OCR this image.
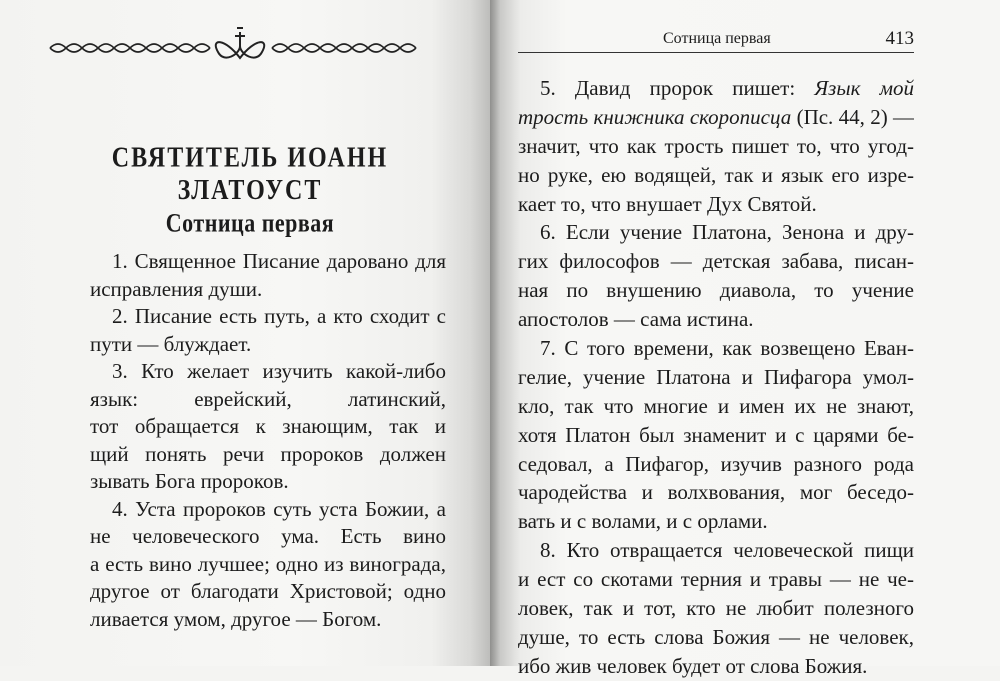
СВЯТИТЕЛЬ ИОАНН ЗЛАТОУСТ
Сотница первая
1. Священное Писание даровано для
исправления души.
2. Писание есть путь, а кто сходит с
пути — блуждает.
3. Кто желает изучить какой-либо
язык: еврейский, латинский,
тот обращается к знающим, так и
щий понять речи пророков должен
зывать Бога пророков.
4. Уста пророков суть уста Божии, а
не человеческого ума. Есть вино
а есть вино лучшее; одно из винограда,
другое от благодати Христовой; одно
ливается умом, другое — Богом.
Сотница первая	413
5. Давид пророк пишет: Язык мой
трость книжника скорописца (Пс. 44, 2) —
значит, что как трость пишет то, что угод-
но руке, ею водящей, так и язык его изре-
кает то, что внушает Дух Святой.
6. Если учение Платона, Зенона и дру-
гих философов — детская забава, писан-
ная по внушению диавола, то учение
апостолов — сама истина.
7. С того времени, как возвещено Еван-
гелие, учение Платона и Пифагора умол-
кло, так что многие и имен их не знают,
хотя Платон был знаменит и с царями бе-
седовал, а Пифагор, изучив разного рода
чародейства и волхвования, мог беседо-
вать и с волами, и с орлами.
8. Кто отвращается человеческой пищи
и ест со скотами терния и травы — не че-
ловек, так и тот, кто не любит полезного
душе, то есть слова Божия — не человек,
ибо жив человек будет от слова Божия.
